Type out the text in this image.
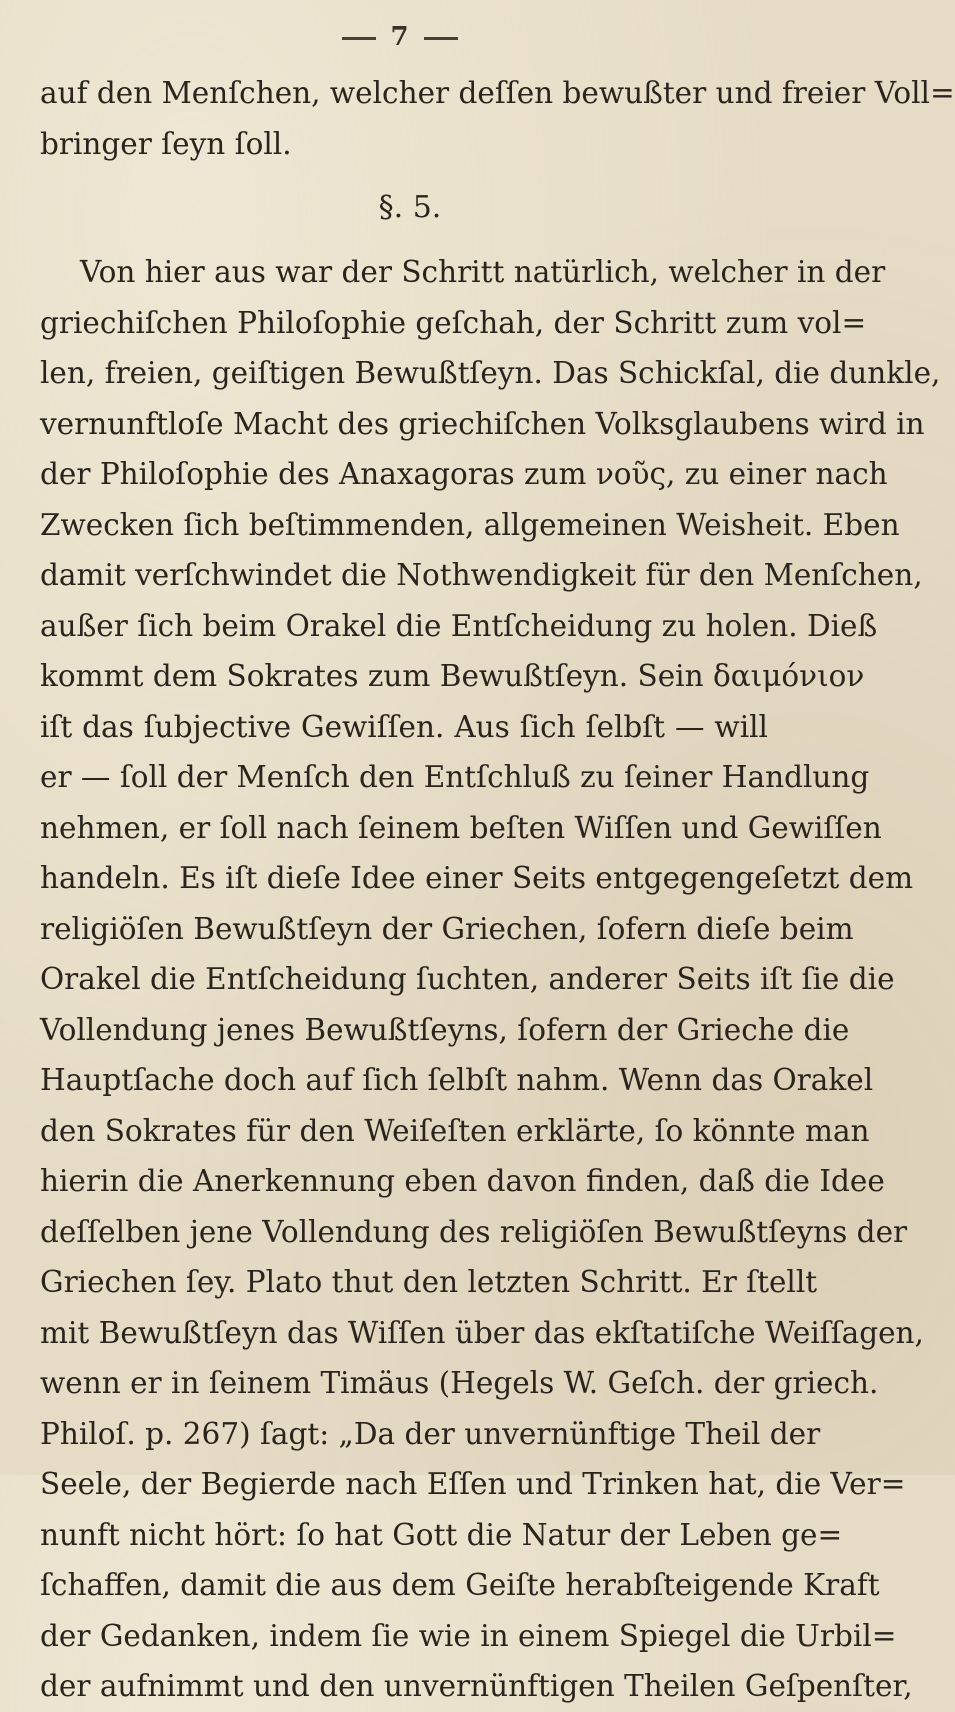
7
auf den Menſchen, welcher deſſen bewußter und freier Voll=
bringer ſeyn ſoll.
§. 5.
Von hier aus war der Schritt natürlich, welcher in der
griechiſchen Philoſophie geſchah, der Schritt zum vol=
len, freien, geiſtigen Bewußtſeyn. Das Schickſal, die dunkle,
vernunftloſe Macht des griechiſchen Volksglaubens wird in
der Philoſophie des Anaxagoras zum νοῦς, zu einer nach
Zwecken ſich beſtimmenden, allgemeinen Weisheit. Eben
damit verſchwindet die Nothwendigkeit für den Menſchen,
außer ſich beim Orakel die Entſcheidung zu holen. Dieß
kommt dem Sokrates zum Bewußtſeyn. Sein δαιμόνιον
iſt das ſubjective Gewiſſen. Aus ſich ſelbſt — will
er — ſoll der Menſch den Entſchluß zu ſeiner Handlung
nehmen, er ſoll nach ſeinem beſten Wiſſen und Gewiſſen
handeln. Es iſt dieſe Idee einer Seits entgegengeſetzt dem
religiöſen Bewußtſeyn der Griechen, ſofern dieſe beim
Orakel die Entſcheidung ſuchten, anderer Seits iſt ſie die
Vollendung jenes Bewußtſeyns, ſofern der Grieche die
Hauptſache doch auf ſich ſelbſt nahm. Wenn das Orakel
den Sokrates für den Weiſeſten erklärte, ſo könnte man
hierin die Anerkennung eben davon finden, daß die Idee
deſſelben jene Vollendung des religiöſen Bewußtſeyns der
Griechen ſey. Plato thut den letzten Schritt. Er ſtellt
mit Bewußtſeyn das Wiſſen über das ekſtatiſche Weiſſagen,
wenn er in ſeinem Timäus (Hegels W. Geſch. der griech.
Philoſ. p. 267) ſagt: „Da der unvernünftige Theil der
Seele, der Begierde nach Eſſen und Trinken hat, die Ver=
nunft nicht hört: ſo hat Gott die Natur der Leben ge=
ſchaffen, damit die aus dem Geiſte herabſteigende Kraft
der Gedanken, indem ſie wie in einem Spiegel die Urbil=
der aufnimmt und den unvernünftigen Theilen Geſpenſter,
